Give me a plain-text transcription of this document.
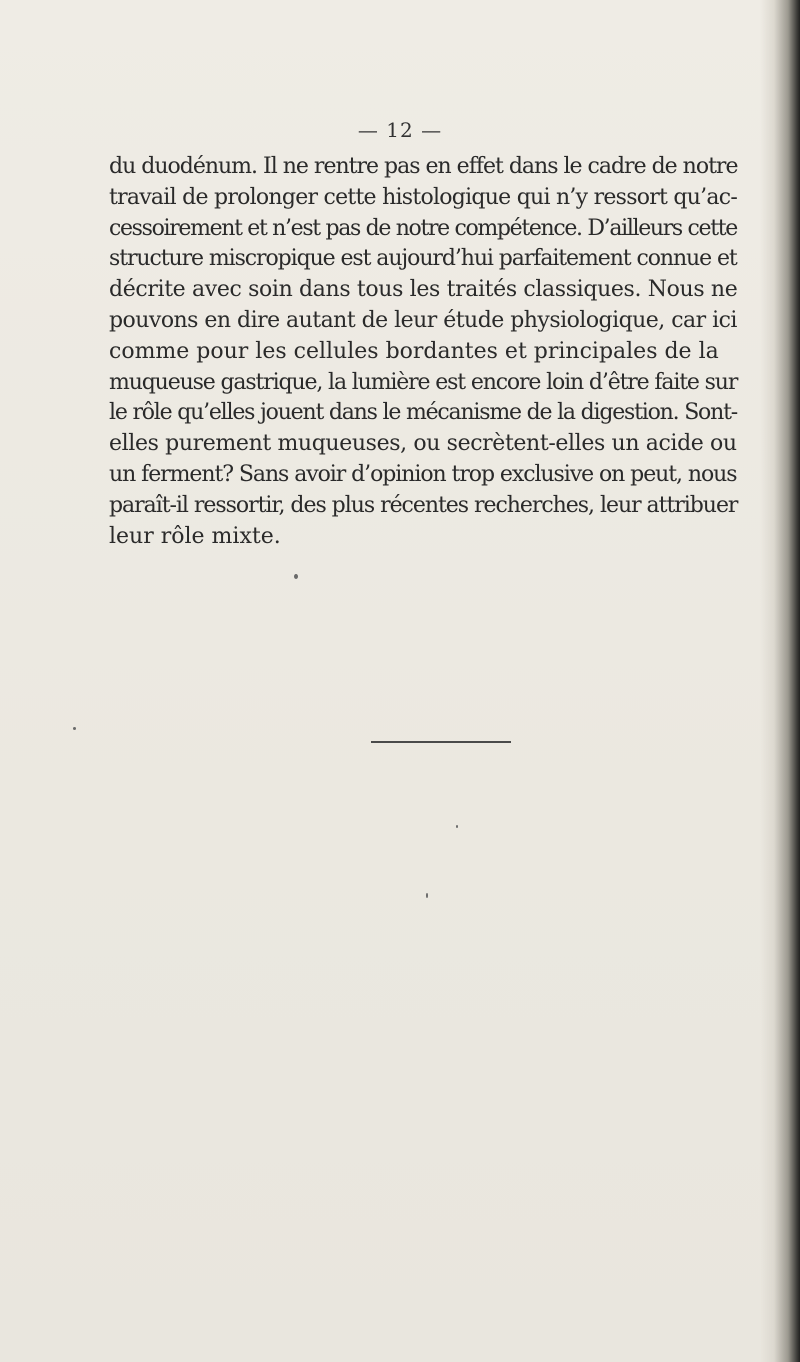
— 12 —
du duodénum. Il ne rentre pas en effet dans le cadre de notre
travail de prolonger cette histologique qui n’y ressort qu’ac-
cessoirement et n’est pas de notre compétence. D’ailleurs cette
structure miscropique est aujourd’hui parfaitement connue et
décrite avec soin dans tous les traités classiques. Nous ne
pouvons en dire autant de leur étude physiologique, car ici
comme pour les cellules bordantes et principales de la
muqueuse gastrique, la lumière est encore loin d’être faite sur
le rôle qu’elles jouent dans le mécanisme de la digestion. Sont-
elles purement muqueuses, ou secrètent-elles un acide ou
un ferment? Sans avoir d’opinion trop exclusive on peut, nous
paraît-il ressortir, des plus récentes recherches, leur attribuer
leur rôle mixte.
